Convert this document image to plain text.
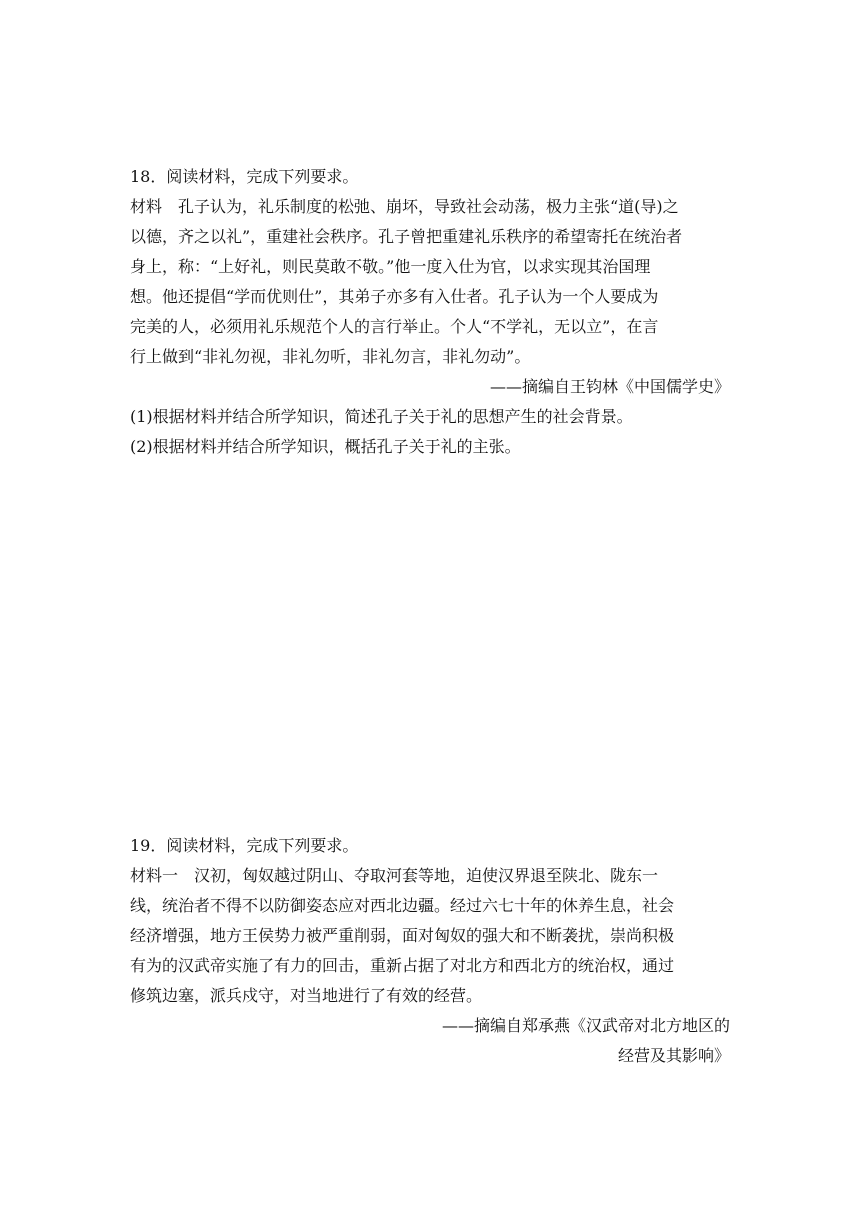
18．阅读材料，完成下列要求。
材料　孔子认为，礼乐制度的松弛、崩坏，导致社会动荡，极力主张“道(导)之
以德，齐之以礼”，重建社会秩序。孔子曾把重建礼乐秩序的希望寄托在统治者
身上，称：“上好礼，则民莫敢不敬。”他一度入仕为官，以求实现其治国理
想。他还提倡“学而优则仕”，其弟子亦多有入仕者。孔子认为一个人要成为
完美的人，必须用礼乐规范个人的言行举止。个人“不学礼，无以立”，在言
行上做到“非礼勿视，非礼勿听，非礼勿言，非礼勿动”。
——摘编自王钧林《中国儒学史》
(1)根据材料并结合所学知识，简述孔子关于礼的思想产生的社会背景。
(2)根据材料并结合所学知识，概括孔子关于礼的主张。
19．阅读材料，完成下列要求。
材料一　汉初，匈奴越过阴山、夺取河套等地，迫使汉界退至陕北、陇东一
线，统治者不得不以防御姿态应对西北边疆。经过六七十年的休养生息，社会
经济增强，地方王侯势力被严重削弱，面对匈奴的强大和不断袭扰，崇尚积极
有为的汉武帝实施了有力的回击，重新占据了对北方和西北方的统治权，通过
修筑边塞，派兵戍守，对当地进行了有效的经营。
——摘编自郑承燕《汉武帝对北方地区的
经营及其影响》
